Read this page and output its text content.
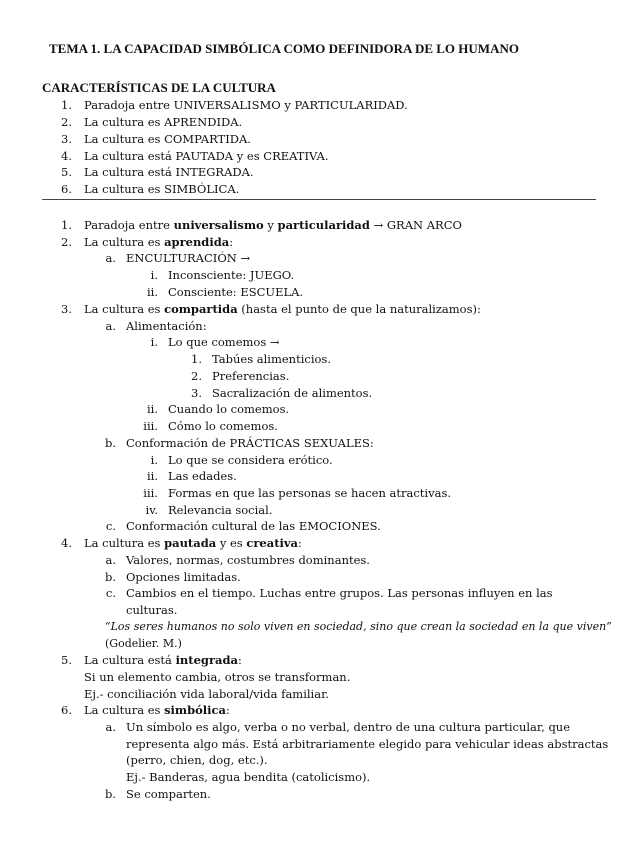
TEMA 1. LA CAPACIDAD SIMBÓLICA COMO DEFINIDORA DE LO HUMANO
CARACTERÍSTICAS DE LA CULTURA
1. Paradoja entre UNIVERSALISMO y PARTICULARIDAD.
2. La cultura es APRENDIDA.
3. La cultura es COMPARTIDA.
4. La cultura está PAUTADA y es CREATIVA.
5. La cultura está INTEGRADA.
6. La cultura es SIMBÓLICA.
1. Paradoja entre universalismo y particularidad → GRAN ARCO
2. La cultura es aprendida:
a. ENCULTURACIÓN →
i. Inconsciente: JUEGO.
ii. Consciente: ESCUELA.
3. La cultura es compartida (hasta el punto de que la naturalizamos):
a. Alimentación:
i. Lo que comemos →
1. Tabúes alimenticios.
2. Preferencias.
3. Sacralización de alimentos.
ii. Cuando lo comemos.
iii. Cómo lo comemos.
b. Conformación de PRÁCTICAS SEXUALES:
i. Lo que se considera erótico.
ii. Las edades.
iii. Formas en que las personas se hacen atractivas.
iv. Relevancia social.
c. Conformación cultural de las EMOCIONES.
4. La cultura es pautada y es creativa:
a. Valores, normas, costumbres dominantes.
b. Opciones limitadas.
c. Cambios en el tiempo. Luchas entre grupos. Las personas influyen en las
culturas.
“Los seres humanos no solo viven en sociedad, sino que crean la sociedad en la que viven”
(Godelier. M.)
5. La cultura está integrada:
Si un elemento cambia, otros se transforman.
Ej.- conciliación vida laboral/vida familiar.
6. La cultura es simbólica:
a. Un símbolo es algo, verba o no verbal, dentro de una cultura particular, que
representa algo más. Está arbitrariamente elegido para vehicular ideas abstractas
(perro, chien, dog, etc.).
Ej.- Banderas, agua bendita (catolicismo).
b. Se comparten.
